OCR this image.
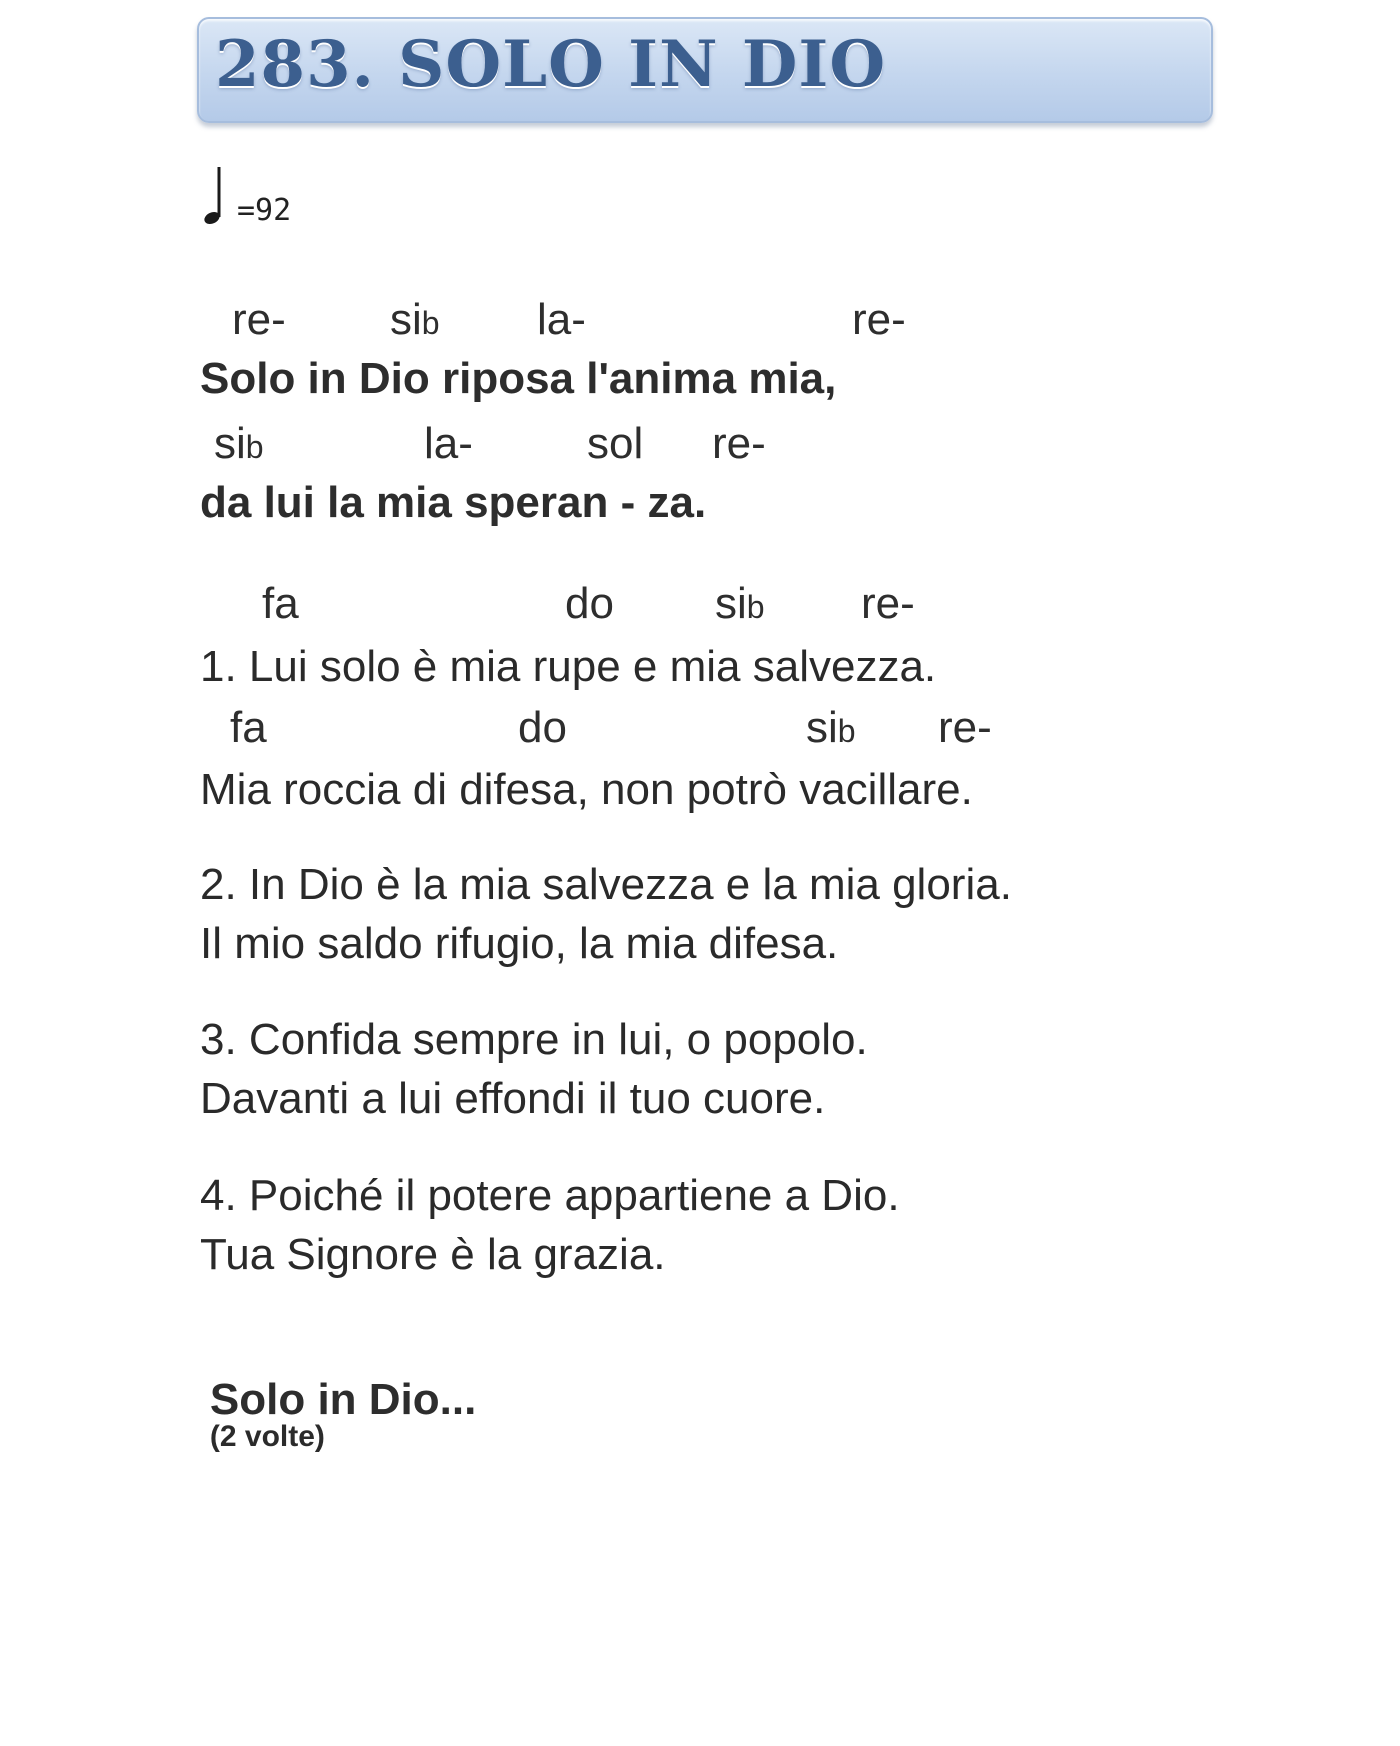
283. SOLO IN DIO
=92
re- sib la-	re-
Solo in Dio riposa l'anima mia,
sib	la-	sol re-
da lui la mia speran - za.
fa	do sib re-
1. Lui solo è mia rupe e mia salvezza.
fa	do	sib re-
Mia roccia di difesa, non potrò vacillare.
2. In Dio è la mia salvezza e la mia gloria.
Il mio saldo rifugio, la mia difesa.
3. Confida sempre in lui, o popolo.
Davanti a lui effondi il tuo cuore.
4. Poiché il potere appartiene a Dio.
Tua Signore è la grazia.

Solo in Dio...
(2 volte)
